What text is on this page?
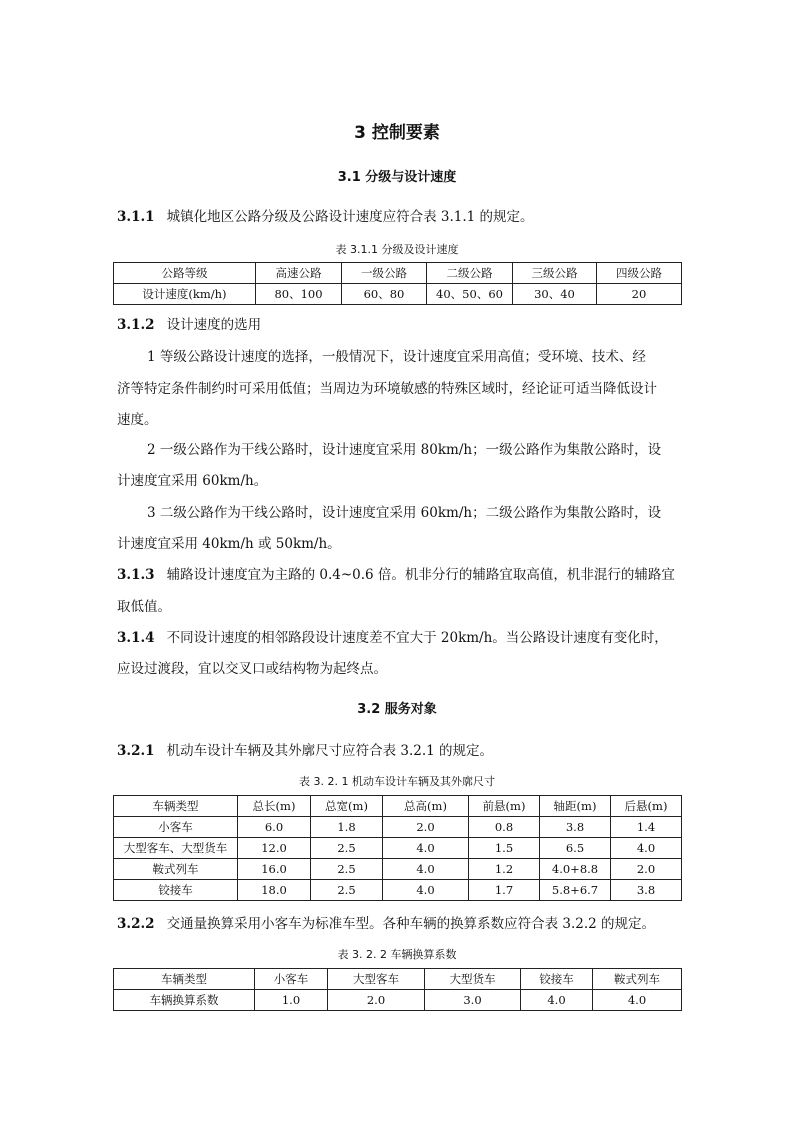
3 控制要素
3.1 分级与设计速度
3.1.1 城镇化地区公路分级及公路设计速度应符合表 3.1.1 的规定。
表 3.1.1 分级及设计速度
公路等级	高速公路	一级公路	二级公路	三级公路	四级公路
设计速度(km/h)	80、100	60、80	40、50、60	30、40	20
3.1.2 设计速度的选用
1 等级公路设计速度的选择，一般情况下，设计速度宜采用高值；受环境、技术、经
济等特定条件制约时可采用低值；当周边为环境敏感的特殊区域时，经论证可适当降低设计
速度。
2 一级公路作为干线公路时，设计速度宜采用 80km/h；一级公路作为集散公路时，设
计速度宜采用 60km/h。
3 二级公路作为干线公路时，设计速度宜采用 60km/h；二级公路作为集散公路时，设
计速度宜采用 40km/h 或 50km/h。
3.1.3 辅路设计速度宜为主路的 0.4~0.6 倍。机非分行的辅路宜取高值，机非混行的辅路宜
取低值。
3.1.4 不同设计速度的相邻路段设计速度差不宜大于 20km/h。当公路设计速度有变化时，
应设过渡段，宜以交叉口或结构物为起终点。
3.2 服务对象
3.2.1 机动车设计车辆及其外廓尺寸应符合表 3.2.1 的规定。
表 3. 2. 1 机动车设计车辆及其外廓尺寸
车辆类型	总长(m)	总宽(m)	总高(m)	前悬(m)	轴距(m)	后悬(m)
小客车	6.0	1.8	2.0	0.8	3.8	1.4
大型客车、大型货车	12.0	2.5	4.0	1.5	6.5	4.0
鞍式列车	16.0	2.5	4.0	1.2	4.0+8.8	2.0
铰接车	18.0	2.5	4.0	1.7	5.8+6.7	3.8
3.2.2 交通量换算采用小客车为标准车型。各种车辆的换算系数应符合表 3.2.2 的规定。
表 3. 2. 2 车辆换算系数
车辆类型	小客车	大型客车	大型货车	铰接车	鞍式列车
车辆换算系数	1.0	2.0	3.0	4.0	4.0
